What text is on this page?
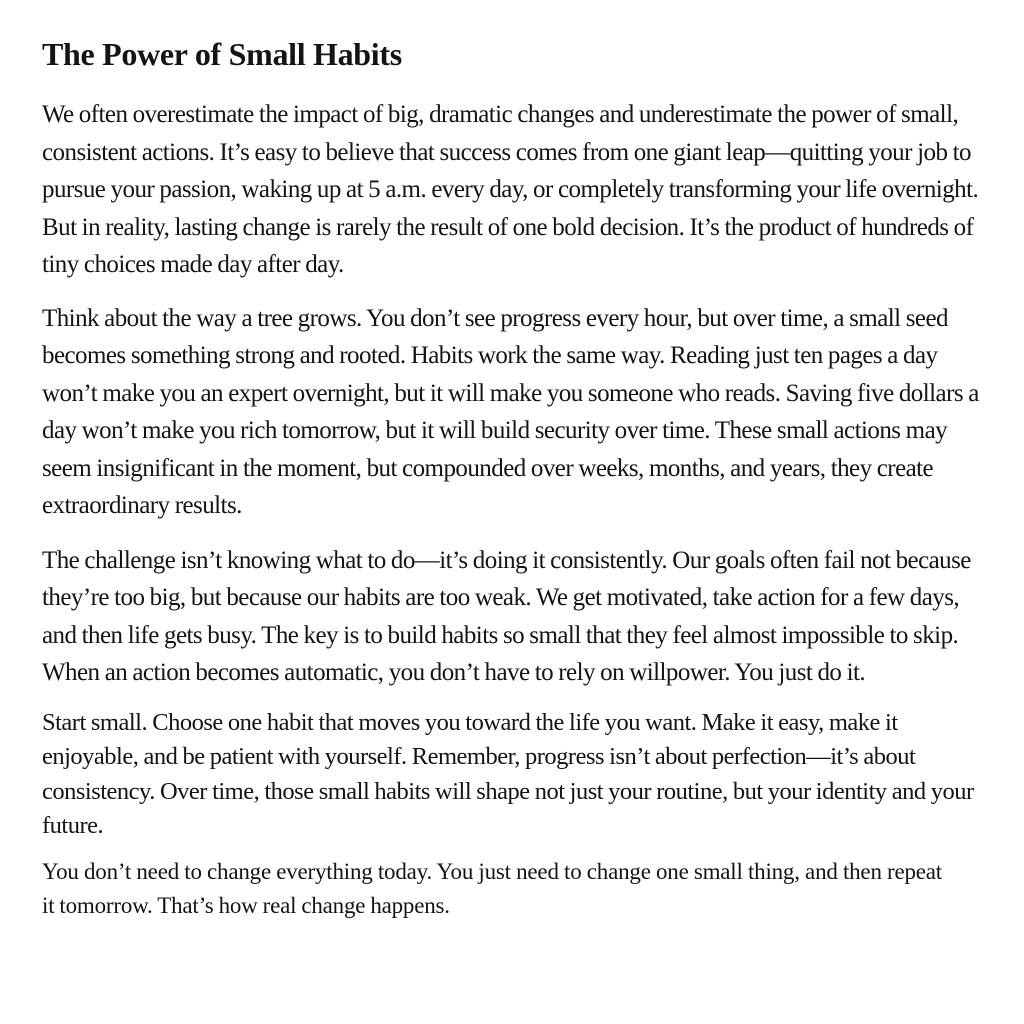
The Power of Small Habits

We often overestimate the impact of big, dramatic changes and underestimate the power of small, consistent actions. It’s easy to believe that success comes from one giant leap—quitting your job to pursue your passion, waking up at 5 a.m. every day, or completely transforming your life overnight. But in reality, lasting change is rarely the result of one bold decision. It’s the product of hundreds of tiny choices made day after day.

Think about the way a tree grows. You don’t see progress every hour, but over time, a small seed becomes something strong and rooted. Habits work the same way. Reading just ten pages a day won’t make you an expert overnight, but it will make you someone who reads. Saving five dollars a day won’t make you rich tomorrow, but it will build security over time. These small actions may seem insignificant in the moment, but compounded over weeks, months, and years, they create extraordinary results.

The challenge isn’t knowing what to do—it’s doing it consistently. Our goals often fail not because they’re too big, but because our habits are too weak. We get motivated, take action for a few days, and then life gets busy. The key is to build habits so small that they feel almost impossible to skip. When an action becomes automatic, you don’t have to rely on willpower. You just do it.

Start small. Choose one habit that moves you toward the life you want. Make it easy, make it enjoyable, and be patient with yourself. Remember, progress isn’t about perfection—it’s about consistency. Over time, those small habits will shape not just your routine, but your identity and your future.

You don’t need to change everything today. You just need to change one small thing, and then repeat it tomorrow. That’s how real change happens.
